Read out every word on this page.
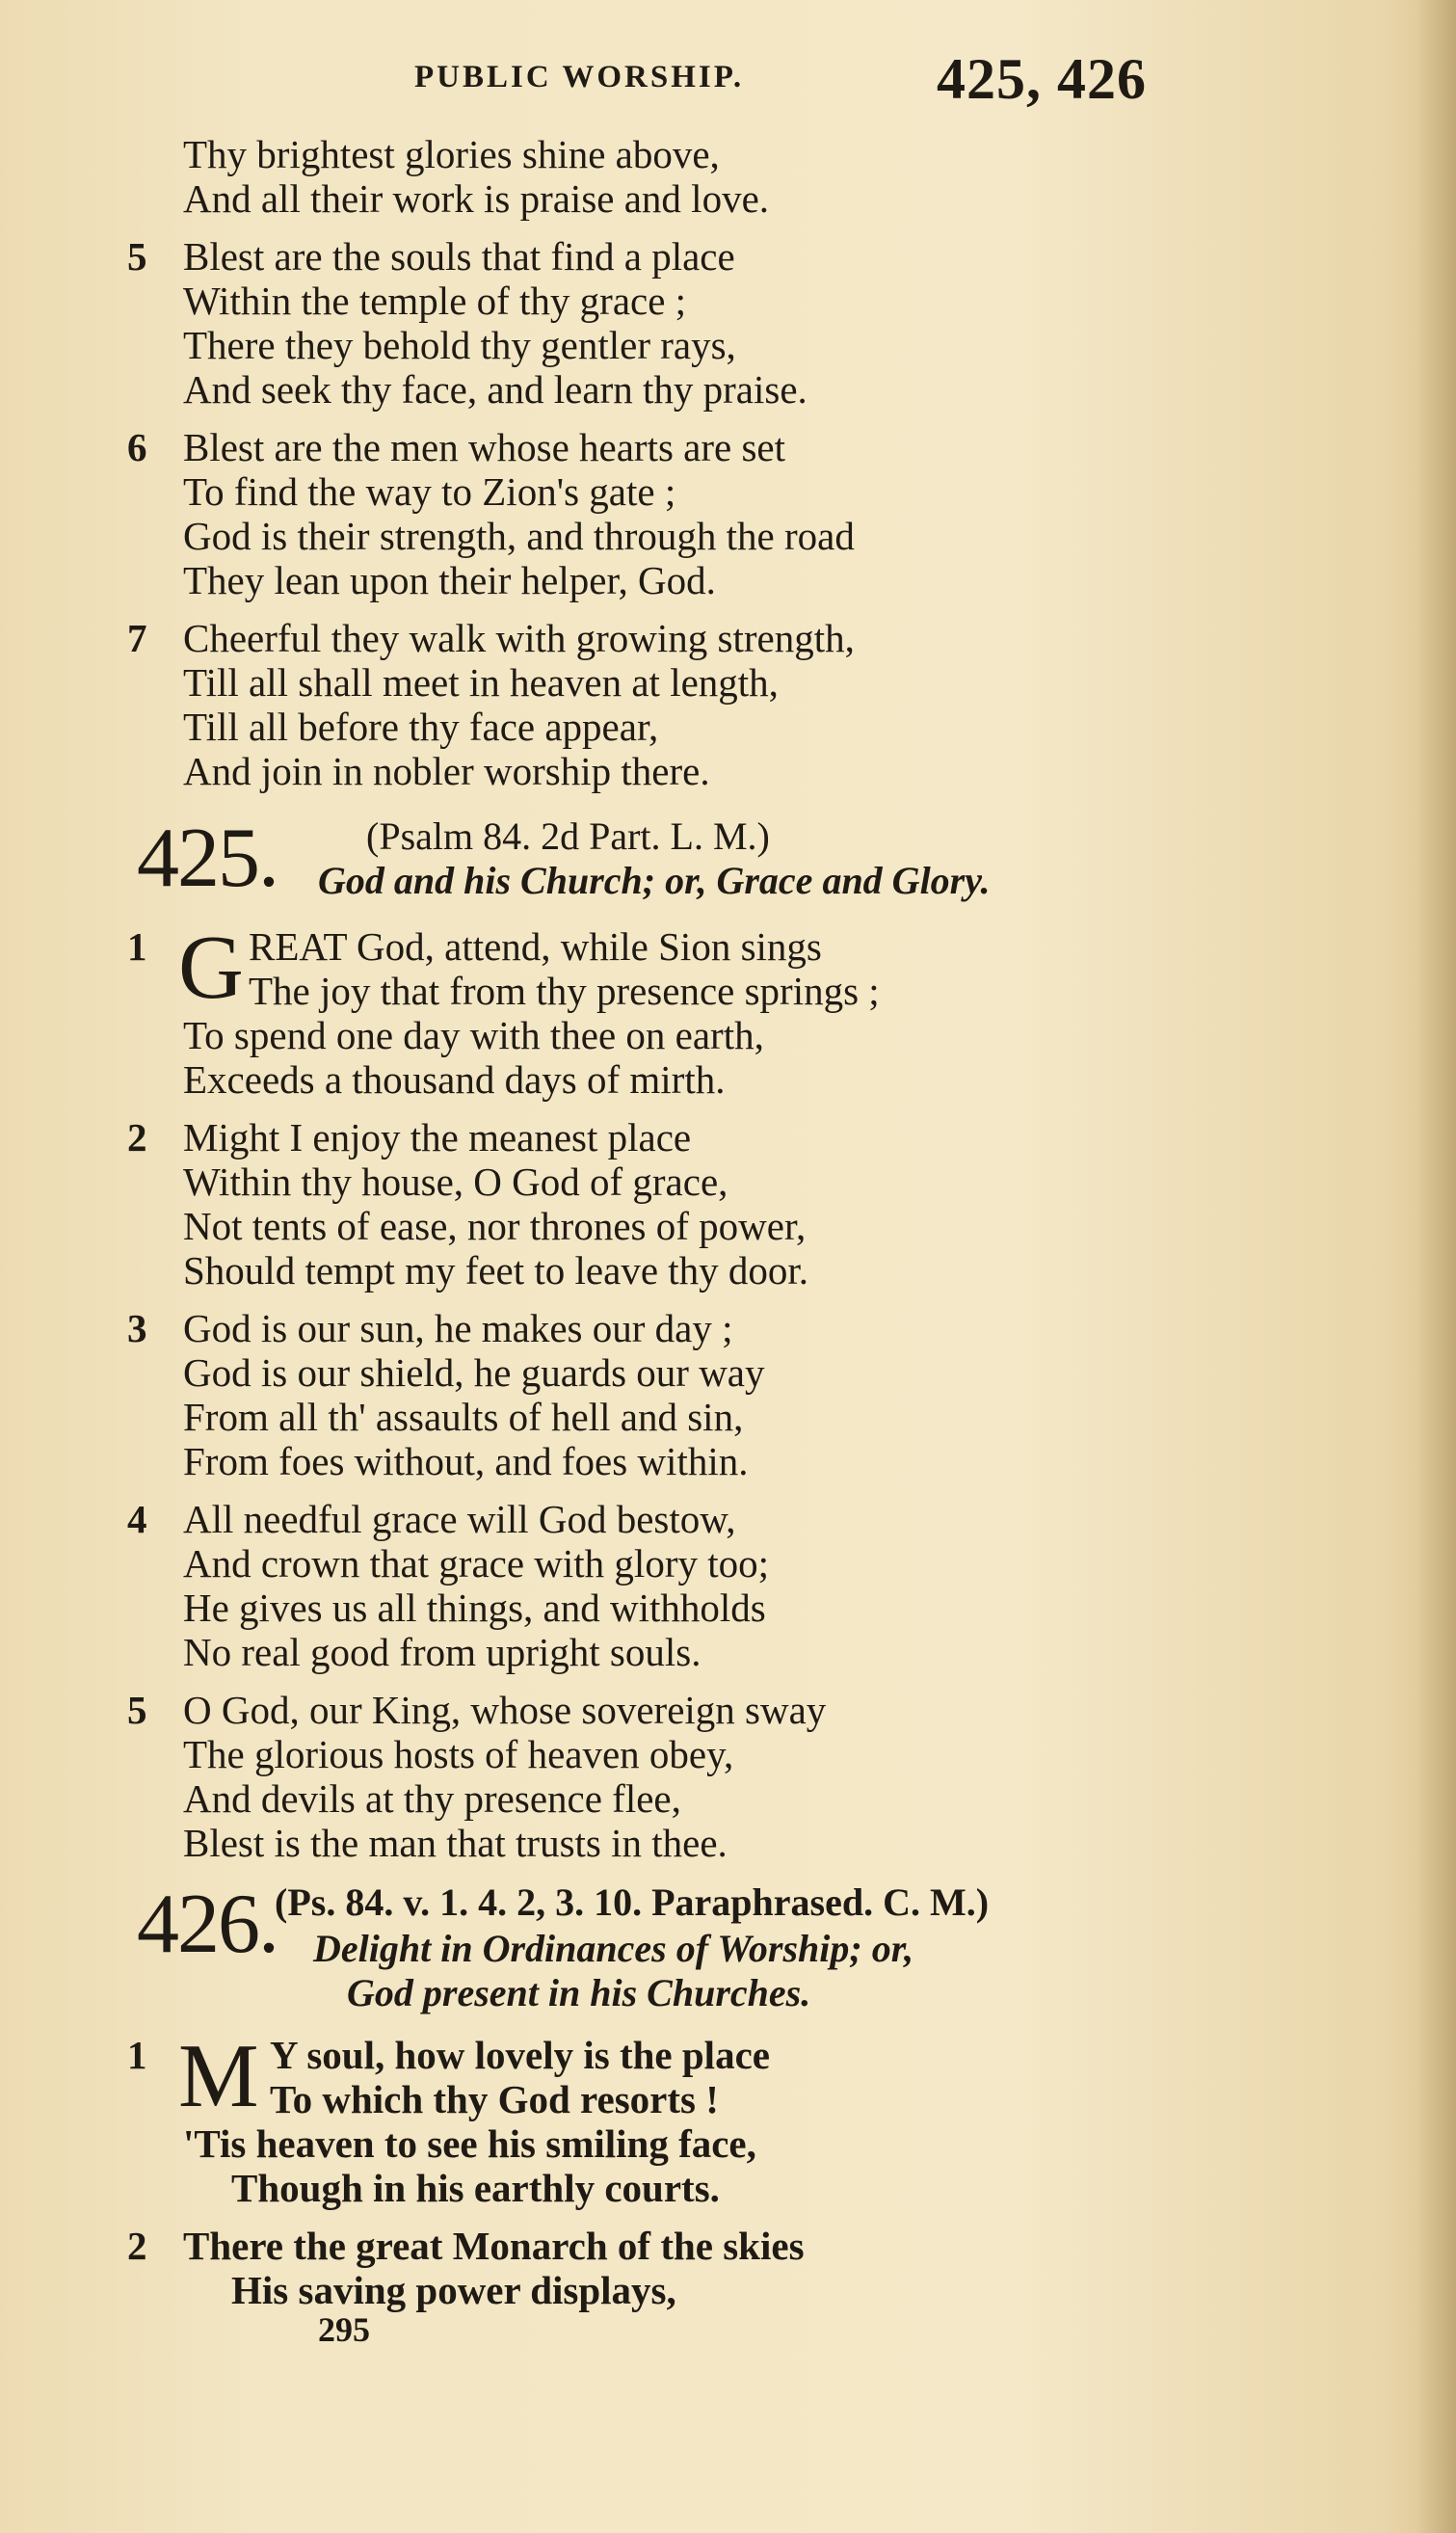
PUBLIC WORSHIP.	425, 426
Thy brightest glories shine above,
And all their work is praise and love.
5 Blest are the souls that find a place
Within the temple of thy grace ;
There they behold thy gentler rays,
And seek thy face, and learn thy praise.
6 Blest are the men whose hearts are set
To find the way to Zion's gate ;
God is their strength, and through the road
They lean upon their helper, God.
7 Cheerful they walk with growing strength,
Till all shall meet in heaven at length,
Till all before thy face appear,
And join in nobler worship there.
425. (Psalm 84. 2d Part. L. M.)
God and his Church; or, Grace and Glory.
1 G REAT God, attend, while Sion sings
The joy that from thy presence springs ;
To spend one day with thee on earth,
Exceeds a thousand days of mirth.
2 Might I enjoy the meanest place
Within thy house, O God of grace,
Not tents of ease, nor thrones of power,
Should tempt my feet to leave thy door.
3 God is our sun, he makes our day ;
God is our shield, he guards our way
From all th' assaults of hell and sin,
From foes without, and foes within.
4 All needful grace will God bestow,
And crown that grace with glory too;
He gives us all things, and withholds
No real good from upright souls.
5 O God, our King, whose sovereign sway
The glorious hosts of heaven obey,
And devils at thy presence flee,
Blest is the man that trusts in thee.
426.
(Ps. 84. v. 1. 4. 2, 3. 10. Paraphrased. C. M.)
Delight in Ordinances of Worship; or,
God present in his Churches.
1 M Y soul, how lovely is the place
To which thy God resorts !
'Tis heaven to see his smiling face,
Though in his earthly courts.
2 There the great Monarch of the skies
His saving power displays,
295
